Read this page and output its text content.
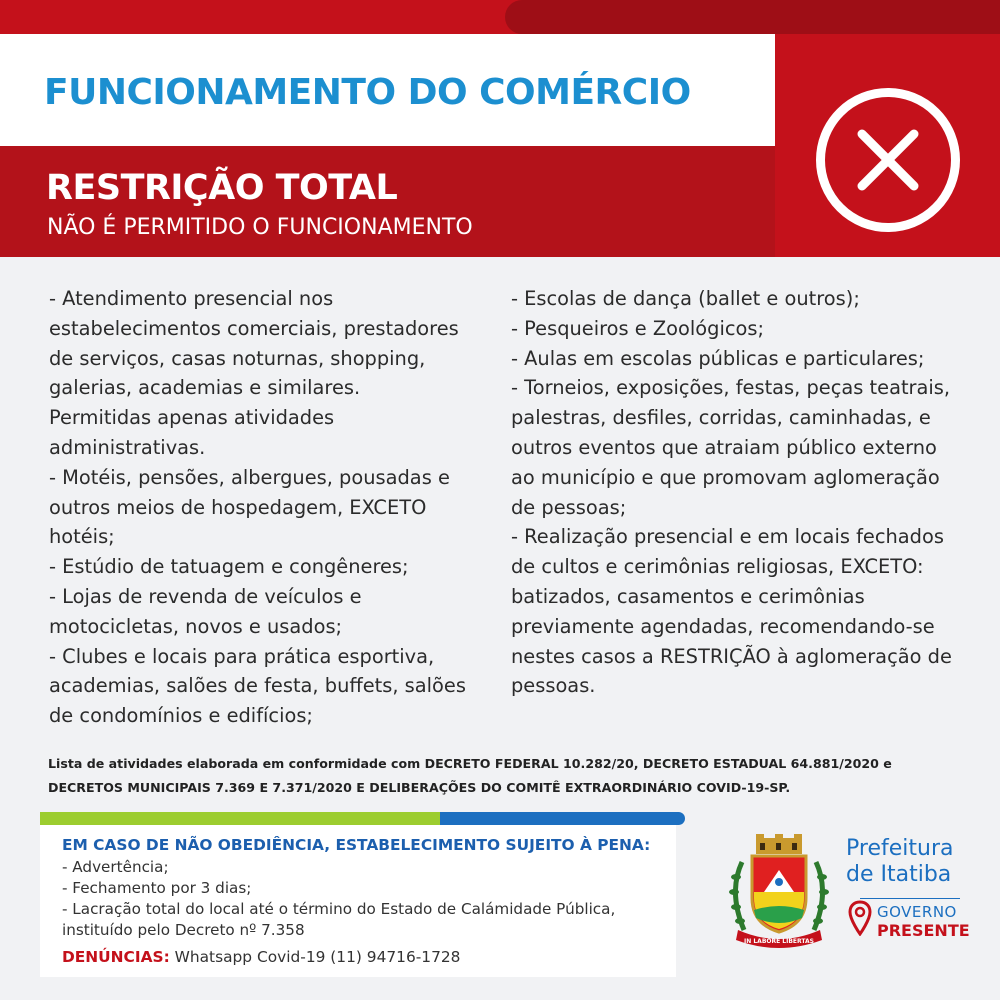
FUNCIONAMENTO DO COMÉRCIO
RESTRIÇÃO TOTAL
NÃO É PERMITIDO O FUNCIONAMENTO

- Atendimento presencial nos

estabelecimentos comerciais, prestadores

de serviços, casas noturnas, shopping,

galerias, academias e similares.

Permitidas apenas atividades

administrativas.

- Motéis, pensões, albergues, pousadas e

outros meios de hospedagem, EXCETO

hotéis;

- Estúdio de tatuagem e congêneres;

- Lojas de revenda de veículos e

motocicletas, novos e usados;

- Clubes e locais para prática esportiva,

academias, salões de festa, buffets, salões

de condomínios e edifícios;

- Escolas de dança (ballet e outros);

- Pesqueiros e Zoológicos;

- Aulas em escolas públicas e particulares;

- Torneios, exposições, festas, peças teatrais,

palestras, desfiles, corridas, caminhadas, e

outros eventos que atraiam público externo

ao município e que promovam aglomeração

de pessoas;

- Realização presencial e em locais fechados

de cultos e cerimônias religiosas, EXCETO:

batizados, casamentos e cerimônias

previamente agendadas, recomendando-se

nestes casos a RESTRIÇÃO à aglomeração de

pessoas.

Lista de atividades elaborada em conformidade com DECRETO FEDERAL 10.282/20, DECRETO ESTADUAL 64.881/2020 e

DECRETOS MUNICIPAIS 7.369 E 7.371/2020 E DELIBERAÇÕES DO COMITÊ EXTRAORDINÁRIO COVID-19-SP.

EM CASO DE NÃO OBEDIÊNCIA, ESTABELECIMENTO SUJEITO À PENA:

- Advertência;

- Fechamento por 3 dias;

- Lacração total do local até o término do Estado de Calámidade Pública,

instituído pelo Decreto nº 7.358

DENÚNCIAS: Whatsapp Covid-19 (11) 94716-1728
IN LABORE LIBERTAS

Prefeitura

de Itatiba

GOVERNO
PRESENTE
